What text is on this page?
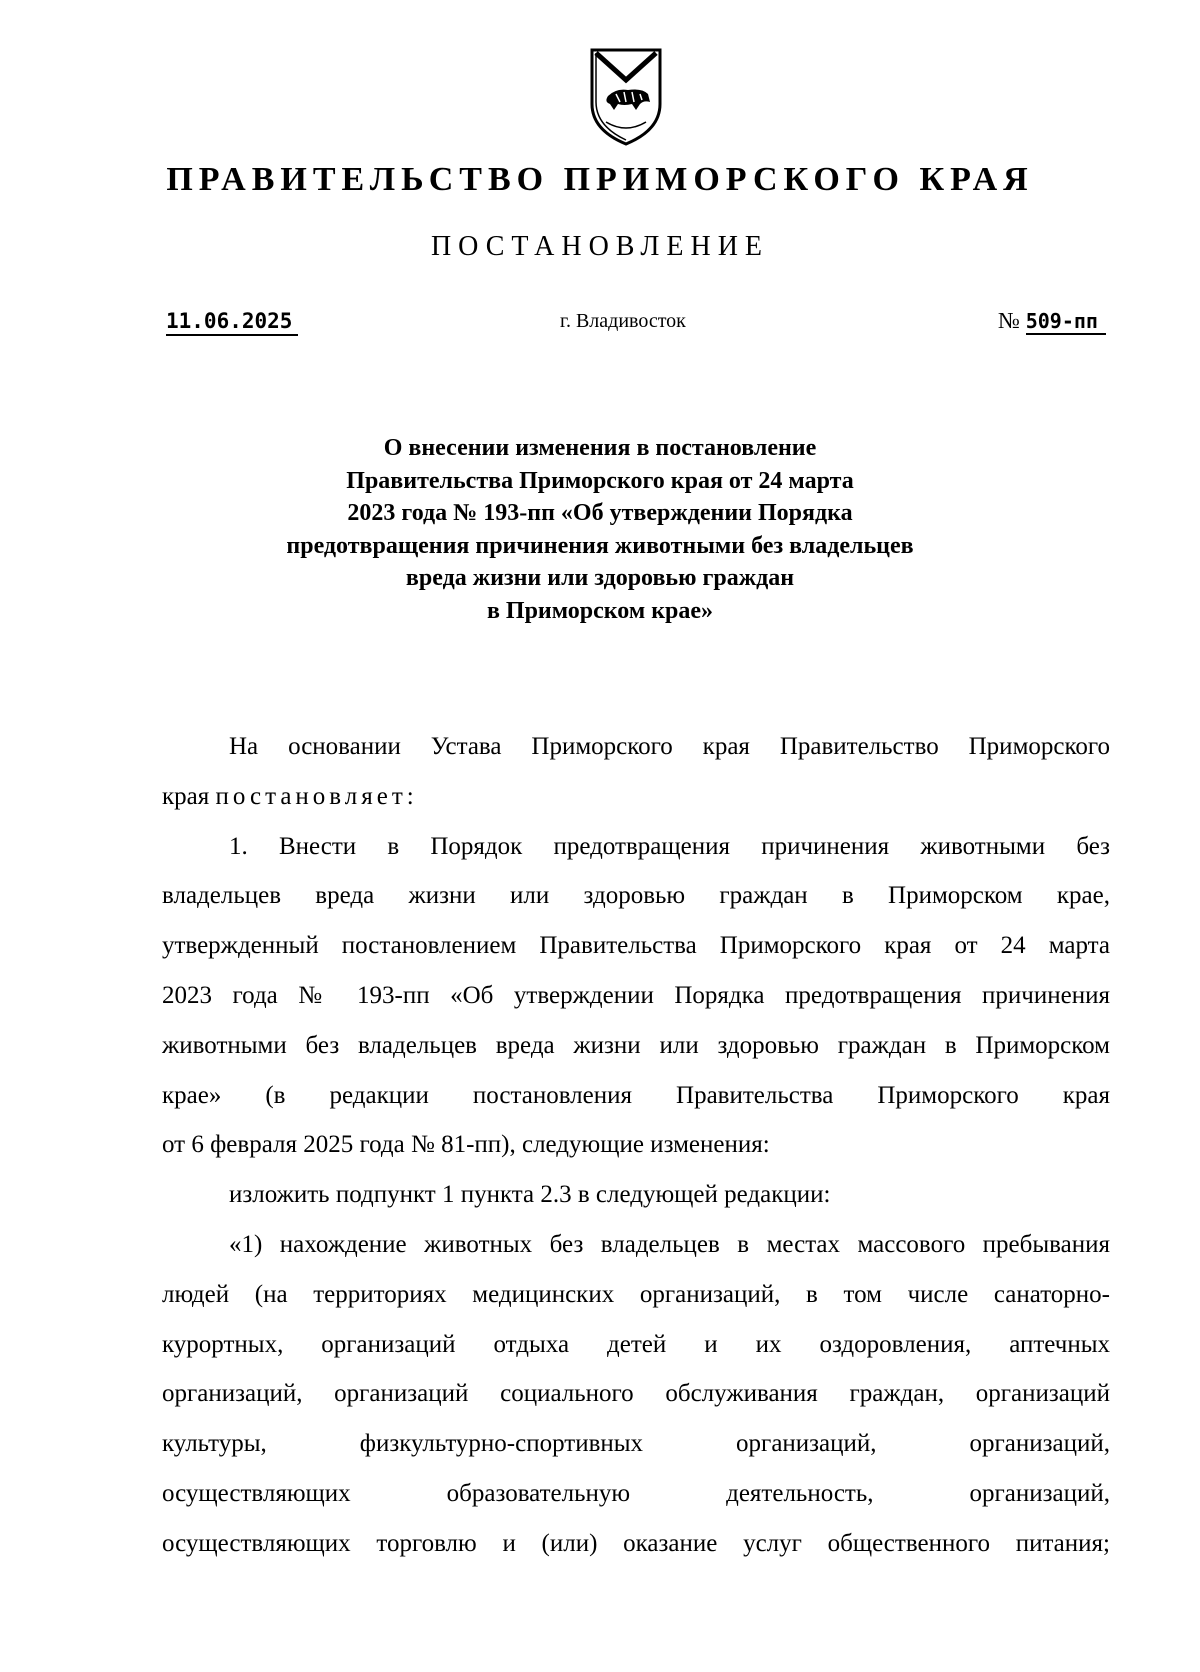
ПРАВИТЕЛЬСТВО ПРИМОРСКОГО КРАЯ
ПОСТАНОВЛЕНИЕ
11.06.2025	г. Владивосток	№ 509-пп
О внесении изменения в постановление
Правительства Приморского края от 24 марта
2023 года № 193-пп «Об утверждении Порядка
предотвращения причинения животными без владельцев
вреда жизни или здоровью граждан
в Приморском крае»

На основании Устава Приморского края Правительство Приморского
края постановляет:

1. Внести в Порядок предотвращения причинения животными без
владельцев вреда жизни или здоровью граждан в Приморском крае,
утвержденный постановлением Правительства Приморского края от 24 марта
2023 года № 193-пп «Об утверждении Порядка предотвращения причинения
животными без владельцев вреда жизни или здоровью граждан в Приморском
крае» (в редакции постановления Правительства Приморского края
от 6 февраля 2025 года № 81-пп), следующие изменения:

изложить подпункт 1 пункта 2.3 в следующей редакции:

«1) нахождение животных без владельцев в местах массового пребывания
людей (на территориях медицинских организаций, в том числе санаторно-
курортных, организаций отдыха детей и их оздоровления, аптечных
организаций, организаций социального обслуживания граждан, организаций
культуры, физкультурно-спортивных организаций, организаций,
осуществляющих образовательную деятельность, организаций,
осуществляющих торговлю и (или) оказание услуг общественного питания;
